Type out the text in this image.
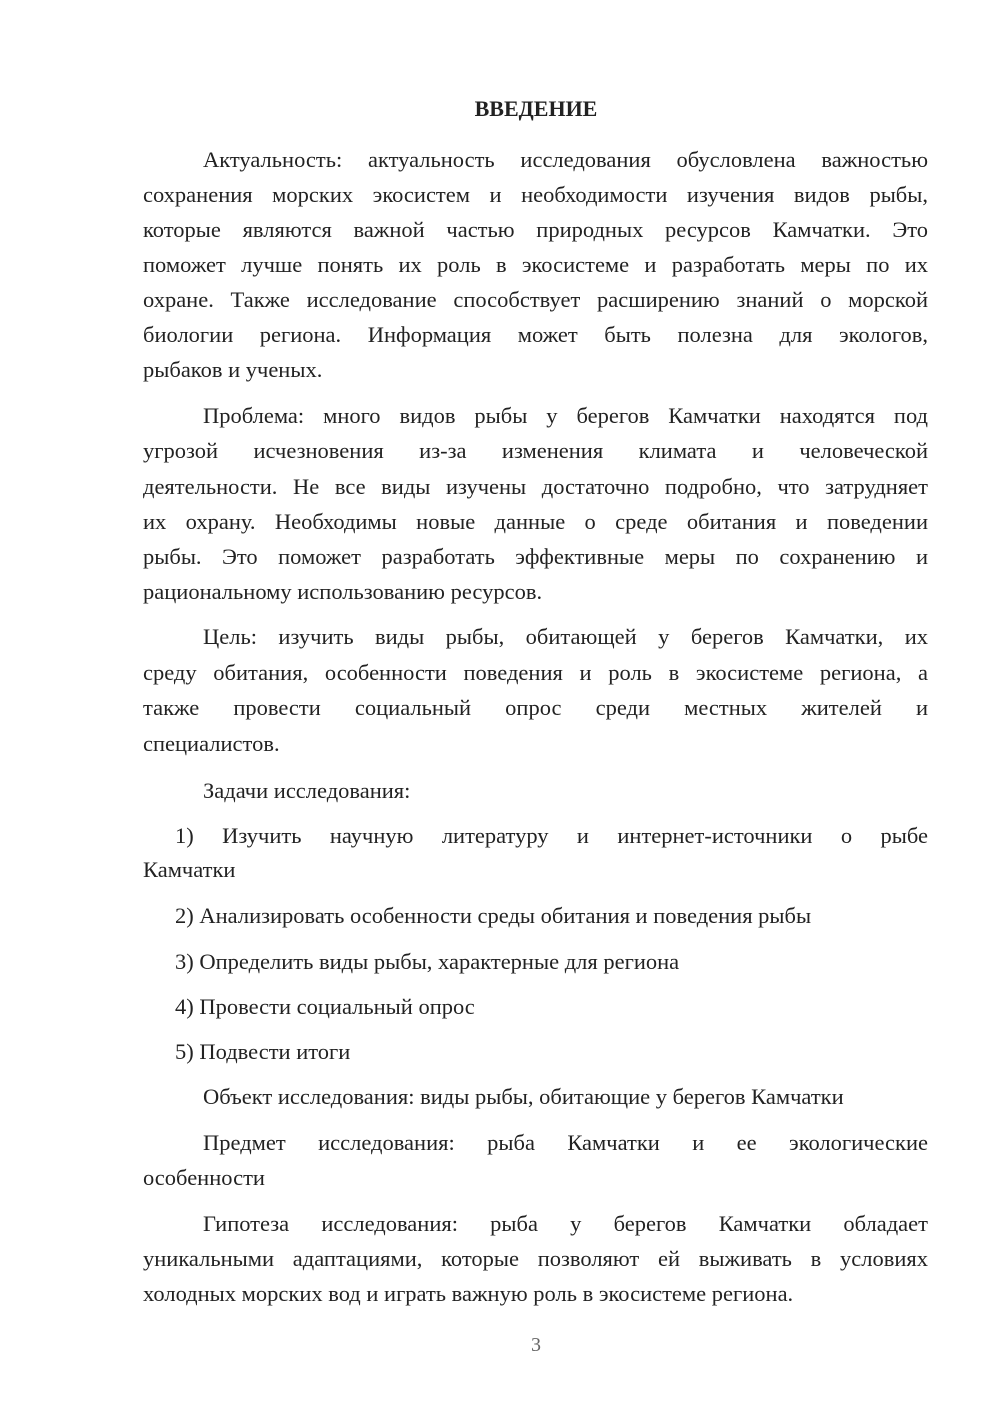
ВВЕДЕНИЕ
Актуальность: актуальность исследования обусловлена важностью
сохранения морских экосистем и необходимости изучения видов рыбы,
которые являются важной частью природных ресурсов Камчатки. Это
поможет лучше понять их роль в экосистеме и разработать меры по их
охране. Также исследование способствует расширению знаний о морской
биологии региона. Информация может быть полезна для экологов,
рыбаков и ученых.
Проблема: много видов рыбы у берегов Камчатки находятся под
угрозой исчезновения из-за изменения климата и человеческой
деятельности. Не все виды изучены достаточно подробно, что затрудняет
их охрану. Необходимы новые данные о среде обитания и поведении
рыбы. Это поможет разработать эффективные меры по сохранению и
рациональному использованию ресурсов.
Цель: изучить виды рыбы, обитающей у берегов Камчатки, их
среду обитания, особенности поведения и роль в экосистеме региона, а
также провести социальный опрос среди местных жителей и
специалистов.
Задачи исследования:
1) Изучить научную литературу и интернет-источники о рыбе
Камчатки
2) Анализировать особенности среды обитания и поведения рыбы
3) Определить виды рыбы, характерные для региона
4) Провести социальный опрос
5) Подвести итоги
Объект исследования: виды рыбы, обитающие у берегов Камчатки
Предмет исследования: рыба Камчатки и ее экологические
особенности
Гипотеза исследования: рыба у берегов Камчатки обладает
уникальными адаптациями, которые позволяют ей выживать в условиях
холодных морских вод и играть важную роль в экосистеме региона.
3
